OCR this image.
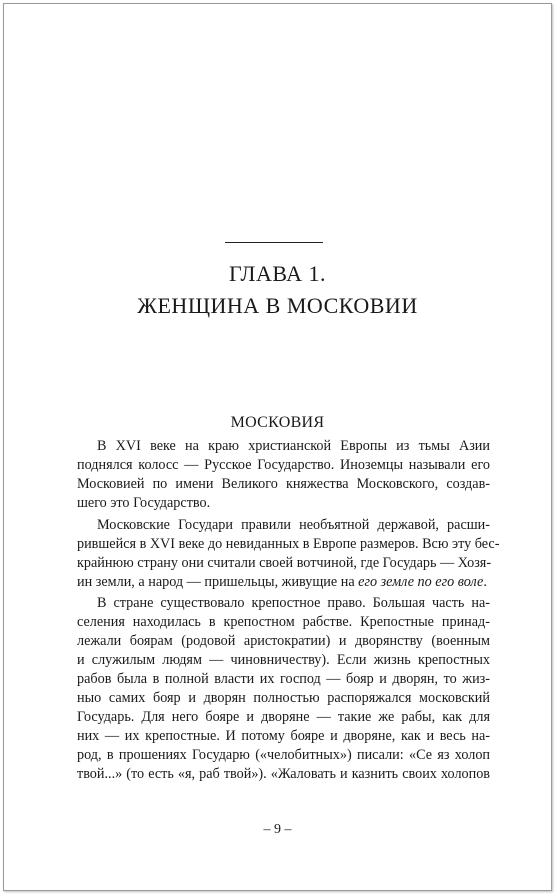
ГЛАВА 1.
ЖЕНЩИНА В МОСКОВИИ
МОСКОВИЯ
В XVI веке на краю христианской Европы из тьмы Азии
поднялся колосс — Русское Государство. Иноземцы называли его
Московией по имени Великого княжества Московского, создав-
шего это Государство.
Московские Государи правили необъятной державой, расши-
рившейся в XVI веке до невиданных в Европе размеров. Всю эту бес-
крайнюю страну они считали своей вотчиной, где Государь — Хозя-
ин земли, а народ — пришельцы, живущие на его земле по его воле.
В стране существовало крепостное право. Большая часть на-
селения находилась в крепостном рабстве. Крепостные принад-
лежали боярам (родовой аристократии) и дворянству (военным
и служилым людям — чиновничеству). Если жизнь крепостных
рабов была в полной власти их господ — бояр и дворян, то жиз-
ныо самих бояр и дворян полностью распоряжался московский
Государь. Для него бояре и дворяне — такие же рабы, как для
них — их крепостные. И потому бояре и дворяне, как и весь на-
род, в прошениях Государю («челобитных») писали: «Се яз холоп
твой...» (то есть «я, раб твой»). «Жаловать и казнить своих холопов
– 9 –
